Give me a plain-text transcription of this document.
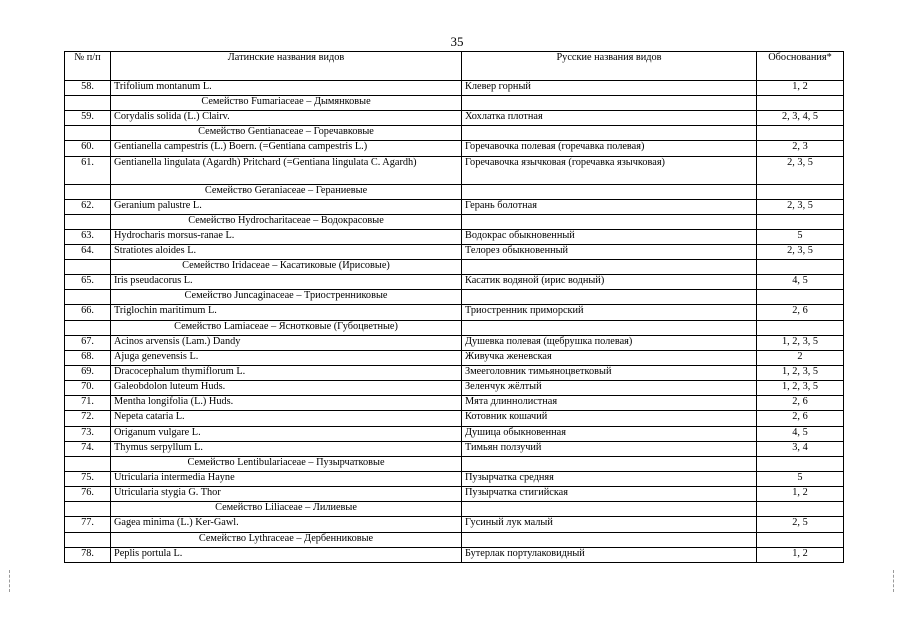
35
№ п/п	Латинские названия видов	Русские названия видов	Обоснования*
58.	Trifolium montanum L.	Клевер горный	1, 2
	Семейство Fumariaceae – Дымянковые		
59.	Corydalis solida (L.) Clairv.	Хохлатка плотная	2, 3, 4, 5
	Семейство Gentianaceae – Горечавковые		
60.	Gentianella campestris (L.) Boern. (=Gentiana campestris L.)	Горечавочка полевая (горечавка полевая)	2, 3
61.	Gentianella lingulata (Agardh) Pritchard (=Gentiana lingulata C. Agardh)	Горечавочка язычковая (горечавка язычковая)	2, 3, 5
	Семейство Geraniaceae – Гераниевые		
62.	Geranium palustre L.	Герань болотная	2, 3, 5
	Семейство Hydrocharitaceae – Водокрасовые		
63.	Hydrocharis morsus-ranae L.	Водокрас обыкновенный	5
64.	Stratiotes aloides L.	Телорез обыкновенный	2, 3, 5
	Семейство Iridaceae – Касатиковые (Ирисовые)		
65.	Iris pseudacorus L.	Касатик водяной (ирис водный)	4, 5
	Семейство Juncaginaceae – Триостренниковые		
66.	Triglochin maritimum L.	Триостренник приморский	2, 6
	Семейство Lamiaceae – Яснотковые (Губоцветные)		
67.	Acinos arvensis (Lam.) Dandy	Душевка полевая (щебрушка полевая)	1, 2, 3, 5
68.	Ajuga genevensis L.	Живучка женевская	2
69.	Dracocephalum thymiflorum L.	Змееголовник тимьяноцветковый	1, 2, 3, 5
70.	Galeobdolon luteum Huds.	Зеленчук жёлтый	1, 2, 3, 5
71.	Mentha longifolia (L.) Huds.	Мята длиннолистная	2, 6
72.	Nepeta cataria L.	Котовник кошачий	2, 6
73.	Origanum vulgare L.	Душица обыкновенная	4, 5
74.	Thymus serpyllum L.	Тимьян ползучий	3, 4
	Семейство Lentibulariaceae – Пузырчатковые		
75.	Utricularia intermedia Hayne	Пузырчатка средняя	5
76.	Utricularia stygia G. Thor	Пузырчатка стигийская	1, 2
	Семейство Liliaceae – Лилиевые		
77.	Gagea minima (L.) Ker-Gawl.	Гусиный лук малый	2, 5
	Семейство Lythraceae – Дербенниковые		
78.	Peplis portula L.	Бутерлак портулаковидный	1, 2
